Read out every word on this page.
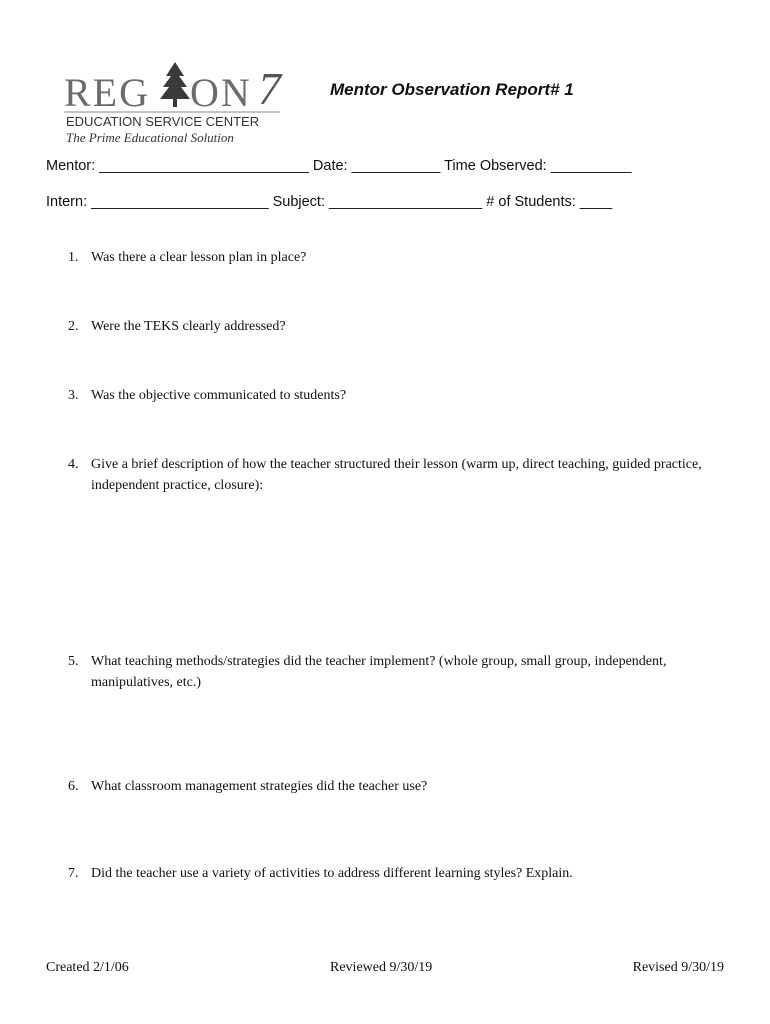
REG ON 7
EDUCATION SERVICE CENTER
The Prime Educational Solution
Mentor Observation Report# 1
Mentor: __________________________ Date: ___________ Time Observed: __________
Intern: ______________________ Subject: ___________________ # of Students: ____
1. Was there a clear lesson plan in place?
2. Were the TEKS clearly addressed?
3. Was the objective communicated to students?
4. Give a brief description of how the teacher structured their lesson (warm up, direct teaching, guided practice, independent practice, closure):
5. What teaching methods/strategies did the teacher implement? (whole group, small group, independent, manipulatives, etc.)
6. What classroom management strategies did the teacher use?
7. Did the teacher use a variety of activities to address different learning styles? Explain.
Created 2/1/06	Reviewed 9/30/19	Revised 9/30/19
